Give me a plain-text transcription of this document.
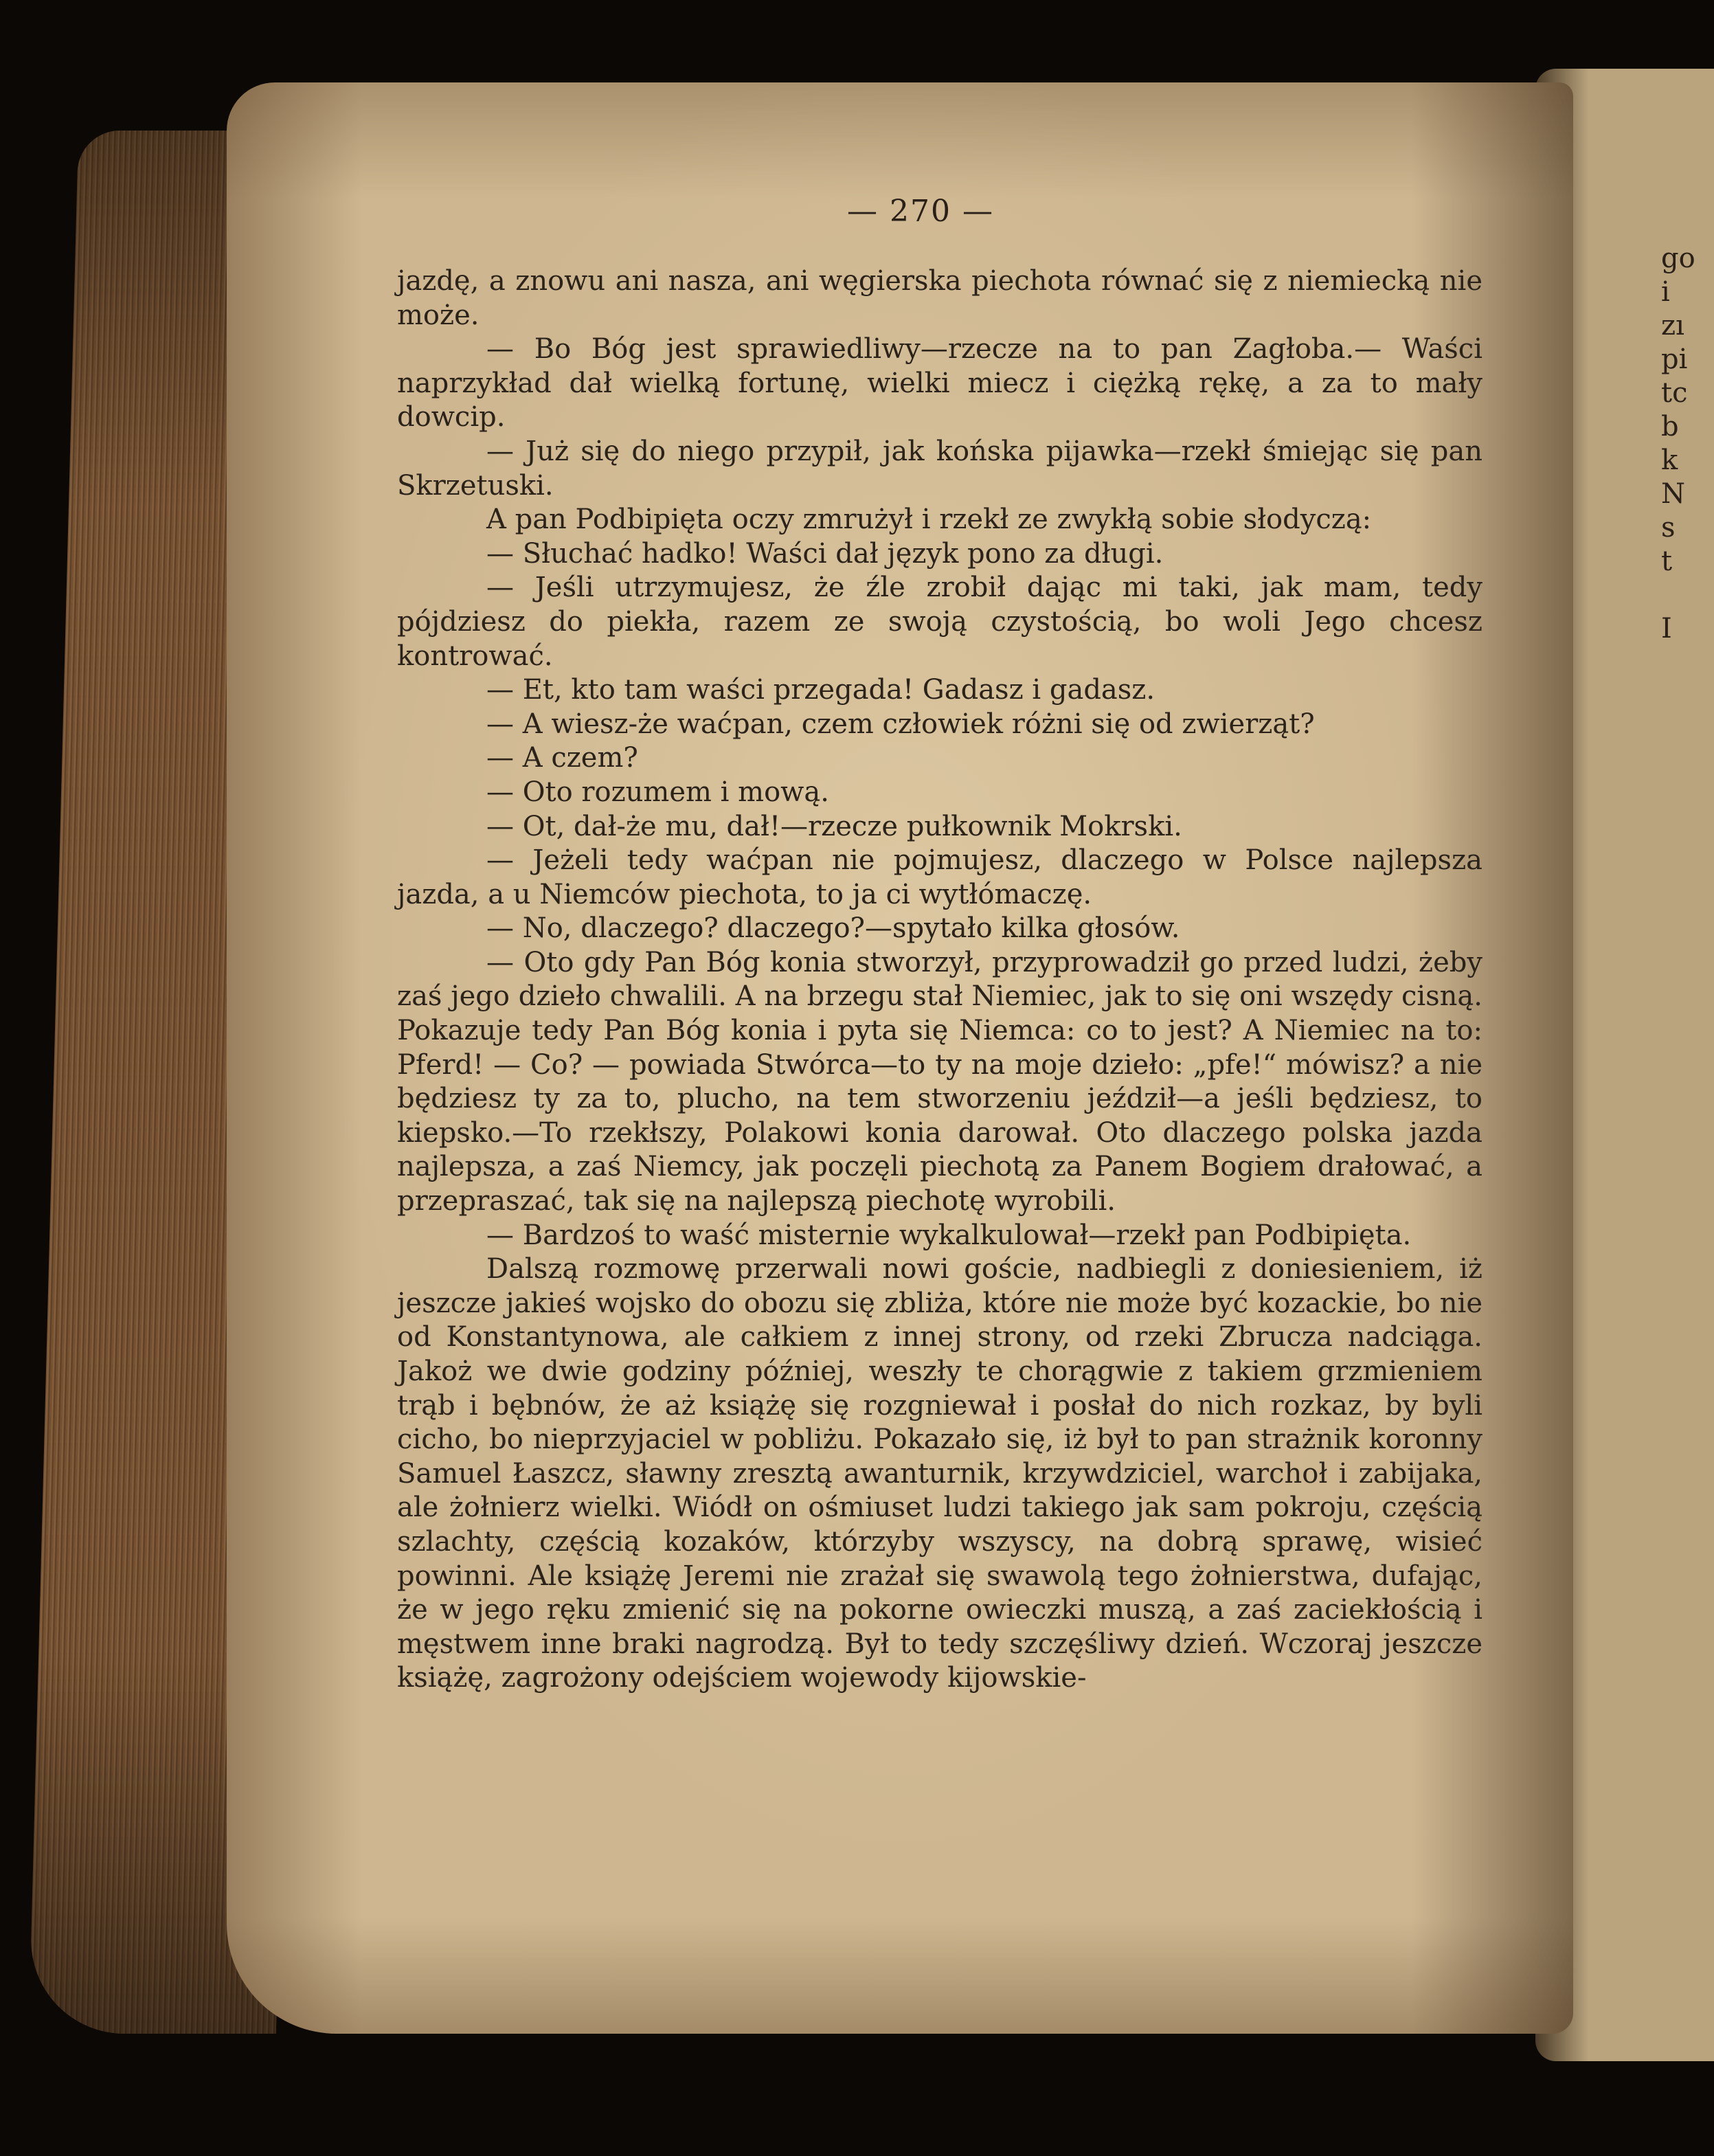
go
i
zı
pi
tc
b
k
N
s
t
I
— 270 —

jazdę, a znowu ani nasza, ani węgierska piechota równać się z niemiecką nie może.

— Bo Bóg jest sprawiedliwy—rzecze na to pan Zagłoba.— Waści naprzykład dał wielką fortunę, wielki miecz i ciężką rękę, a za to mały dowcip.

— Już się do niego przypił, jak końska pijawka—rzekł śmiejąc się pan Skrzetuski.

A pan Podbipięta oczy zmrużył i rzekł ze zwykłą sobie słodyczą:

— Słuchać hadko! Waści dał język pono za długi.

— Jeśli utrzymujesz, że źle zrobił dając mi taki, jak mam, tedy pójdziesz do piekła, razem ze swoją czystością, bo woli Jego chcesz kontrować.

— Et, kto tam waści przegada! Gadasz i gadasz.

— A wiesz-że waćpan, czem człowiek różni się od zwierząt?

— A czem?

— Oto rozumem i mową.

— Ot, dał-że mu, dał!—rzecze pułkownik Mokrski.

— Jeżeli tedy waćpan nie pojmujesz, dlaczego w Polsce najlepsza jazda, a u Niemców piechota, to ja ci wytłómaczę.

— No, dlaczego? dlaczego?—spytało kilka głosów.

— Oto gdy Pan Bóg konia stworzył, przyprowadził go przed ludzi, żeby zaś jego dzieło chwalili. A na brzegu stał Niemiec, jak to się oni wszędy cisną. Pokazuje tedy Pan Bóg konia i pyta się Niemca: co to jest? A Niemiec na to: Pferd! — Co? — powiada Stwórca—to ty na moje dzieło: „pfe!“ mówisz? a nie będziesz ty za to, plucho, na tem stworzeniu jeździł—a jeśli będziesz, to kiepsko.—To rzekłszy, Polakowi konia darował. Oto dlaczego polska jazda najlepsza, a zaś Niemcy, jak poczęli piechotą za Panem Bogiem drałować, a przepraszać, tak się na najlepszą piechotę wyrobili.

— Bardzoś to waść misternie wykalkulował—rzekł pan Podbipięta.

Dalszą rozmowę przerwali nowi goście, nadbiegli z doniesieniem, iż jeszcze jakieś wojsko do obozu się zbliża, które nie może być kozackie, bo nie od Konstantynowa, ale całkiem z innej strony, od rzeki Zbrucza nadciąga. Jakoż we dwie godziny później, weszły te chorągwie z takiem grzmieniem trąb i bębnów, że aż książę się rozgniewał i posłał do nich rozkaz, by byli cicho, bo nieprzyjaciel w pobliżu. Pokazało się, iż był to pan strażnik koronny Samuel Łaszcz, sławny zresztą awanturnik, krzywdziciel, warchoł i zabijaka, ale żołnierz wielki. Wiódł on ośmiuset ludzi takiego jak sam pokroju, częścią szlachty, częścią kozaków, którzyby wszyscy, na dobrą sprawę, wisieć powinni. Ale książę Jeremi nie zrażał się swawolą tego żołnierstwa, dufając, że w jego ręku zmienić się na pokorne owieczki muszą, a zaś zaciekłością i męstwem inne braki nagrodzą. Był to tedy szczęśliwy dzień. Wczoraj jeszcze książę, zagrożony odejściem wojewody kijowskie-
